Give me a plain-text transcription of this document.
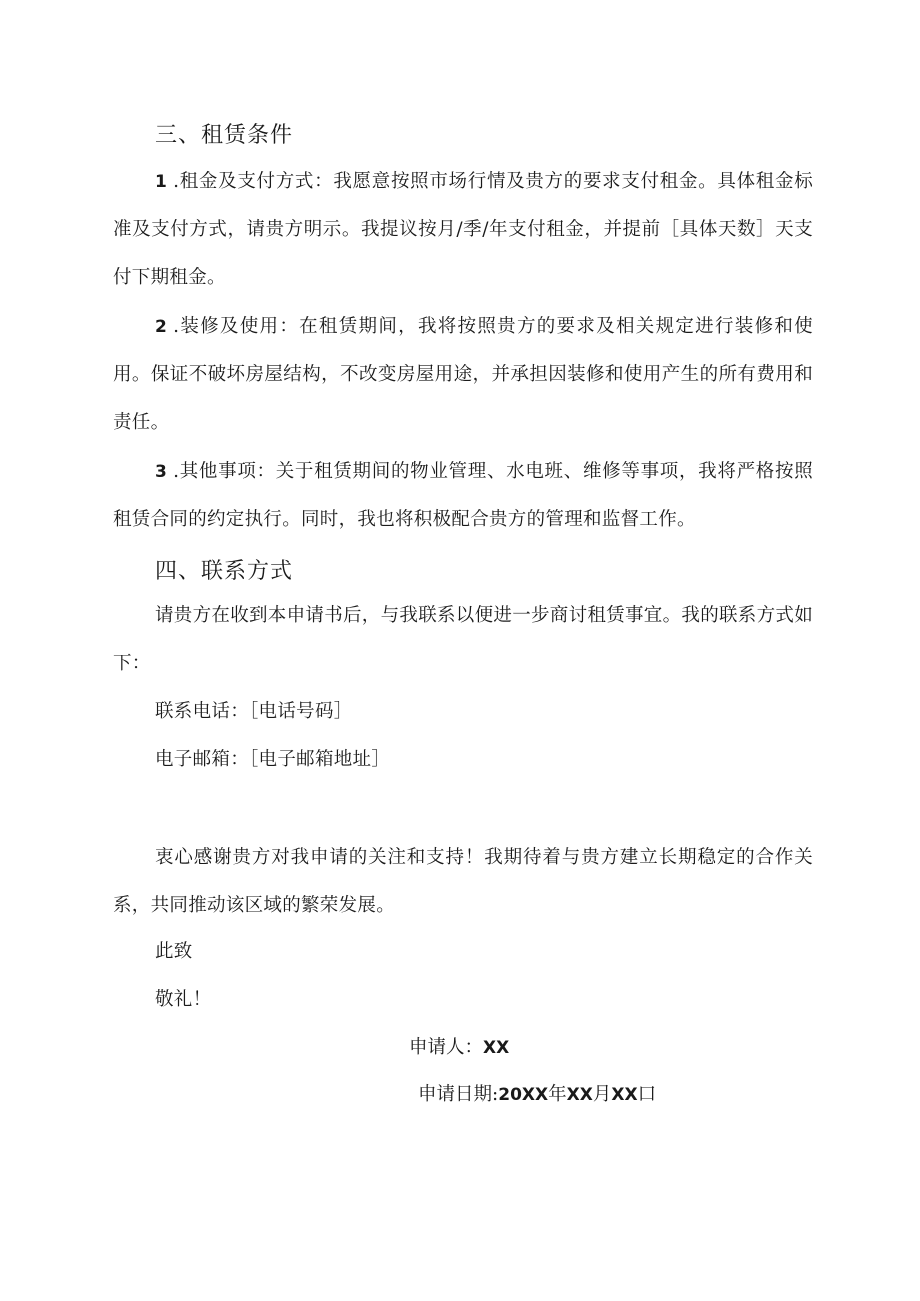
三、租赁条件

1 .租金及支付方式：我愿意按照市场行情及贵方的要求支付租金。具体租金标准及支付方式，请贵方明示。我提议按月/季/年支付租金，并提前［具体天数］天支付下期租金。

2 .装修及使用：在租赁期间，我将按照贵方的要求及相关规定进行装修和使用。保证不破坏房屋结构，不改变房屋用途，并承担因装修和使用产生的所有费用和责任。

3 .其他事项：关于租赁期间的物业管理、水电班、维修等事项，我将严格按照租赁合同的约定执行。同时，我也将积极配合贵方的管理和监督工作。

四、联系方式

请贵方在收到本申请书后，与我联系以便进一步商讨租赁事宜。我的联系方式如下：

联系电话：［电话号码］

电子邮箱：［电子邮箱地址］

衷心感谢贵方对我申请的关注和支持！我期待着与贵方建立长期稳定的合作关系，共同推动该区域的繁荣发展。

此致

敬礼！

申请人：XX

申请日期:20XX年XX月XX口
